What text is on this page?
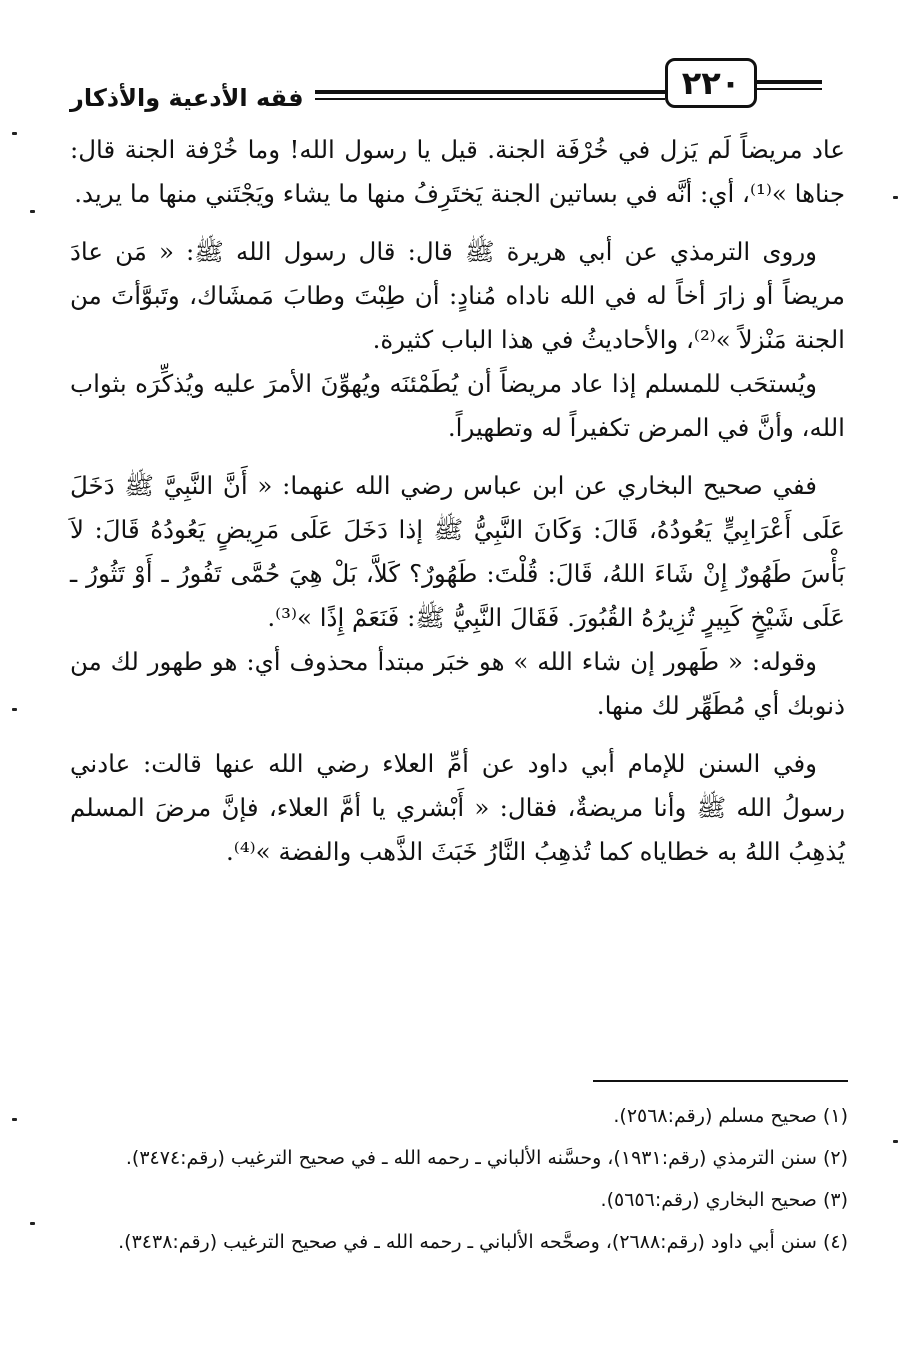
٢٢٠
فقه الأدعية والأذكار

عاد مريضاً لَم يَزل في خُرْفَة الجنة. قيل يا رسول الله! وما خُرْفة الجنة قال: جناها »⁽¹⁾، أي: أنَّه في بساتين الجنة يَختَرِفُ منها ما يشاء ويَجْتَني منها ما يريد.

وروى الترمذي عن أبي هريرة ﷺ قال: قال رسول الله ﷺ: « مَن عادَ مريضاً أو زارَ أخاً له في الله ناداه مُنادٍ: أن طِبْتَ وطابَ مَمشَاك، وتَبوَّأتَ من الجنة مَنْزلاً »⁽²⁾، والأحاديثُ في هذا الباب كثيرة.

ويُستحَب للمسلم إذا عاد مريضاً أن يُطَمْئنَه ويُهوِّنَ الأمرَ عليه ويُذكِّرَه بثواب الله، وأنَّ في المرض تكفيراً له وتطهيراً.

ففي صحيح البخاري عن ابن عباس رضي الله عنهما: « أَنَّ النَّبِيَّ ﷺ دَخَلَ عَلَى أَعْرَابِيٍّ يَعُودُهُ، قَالَ: وَكَانَ النَّبِيُّ ﷺ إذا دَخَلَ عَلَى مَرِيضٍ يَعُودُهُ قَالَ: لاَ بَأْسَ طَهُورٌ إِنْ شَاءَ اللهُ، قَالَ: قُلْتَ: طَهُورٌ؟ كَلاَّ، بَلْ هِيَ حُمَّى تَفُورُ ـ أَوْ تَثُورُ ـ عَلَى شَيْخٍ كَبِيرٍ تُزِيرُهُ القُبُورَ. فَقَالَ النَّبِيُّ ﷺ: فَنَعَمْ إِذًا »⁽³⁾.

وقوله: « طَهور إن شاء الله » هو خبَر مبتدأ محذوف أي: هو طهور لك من ذنوبك أي مُطَهِّر لك منها.

وفي السنن للإمام أبي داود عن أمِّ العلاء رضي الله عنها قالت: عادني رسولُ الله ﷺ وأنا مريضةٌ، فقال: « أَبْشري يا أمَّ العلاء، فإنَّ مرضَ المسلم يُذهِبُ اللهُ به خطاياه كما تُذهِبُ النَّارُ خَبَثَ الذَّهب والفضة »⁽⁴⁾.

(١) صحيح مسلم (رقم:٢٥٦٨).

(٢) سنن الترمذي (رقم:١٩٣١)، وحسَّنه الألباني ـ رحمه الله ـ في صحيح الترغيب (رقم:٣٤٧٤).

(٣) صحيح البخاري (رقم:٥٦٥٦).

(٤) سنن أبي داود (رقم:٢٦٨٨)، وصحَّحه الألباني ـ رحمه الله ـ في صحيح الترغيب (رقم:٣٤٣٨).
